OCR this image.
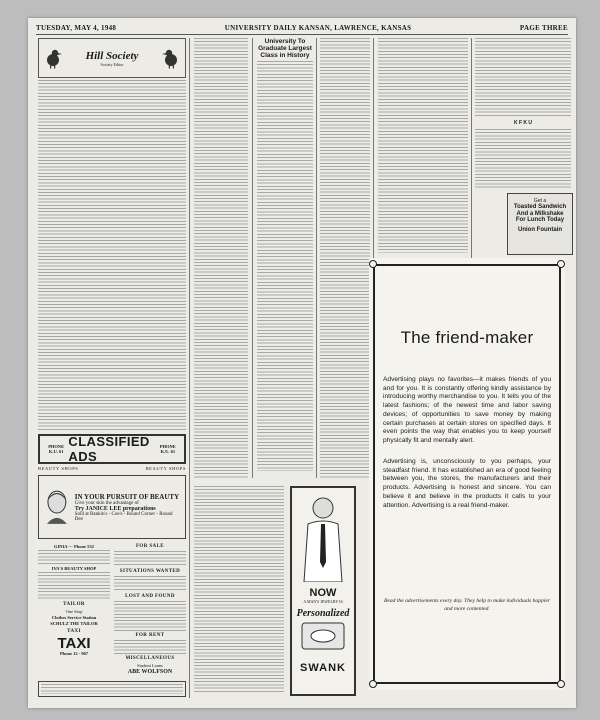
TUESDAY, MAY 4, 1948	UNIVERSITY DAILY KANSAN, LAWRENCE, KANSAS	PAGE THREE
Hill Society
Society Editor
PHONE K.U. 61
CLASSIFIED ADS
PHONE K.U. 61
BEAUTY SHOPS	BEAUTY SHOPS
IN YOUR PURSUIT OF BEAUTY
Give your skin the advantage of
Try JANICE LEE preparations
Sold at Rankin's - Coe's - Round Corner - Round Dee
GINIA --- Phone 532
IVA'S BEAUTY SHOP
TAILOR
One Stop
Clothes Service Station
SCHULZ THE TAILOR
TAXI
TAXI
Phone 12 - 967
FOR SALE
SITUATIONS WANTED
LOST AND FOUND
FOR RENT
MISCELLANEOUS
Student Loans
ABE WOLFSON
University To Graduate Largest Class in History
K F K U
Get a
Toasted Sandwich
And a Milkshake
For Lunch Today
Union Fountain
NOW
A MAN'S JEWELRY IS
Personalized
SWANK
The friend-maker
Advertising plays no favorites—it makes friends of you and for you. It is constantly offering kindly assistance by introducing worthy merchandise to you. It tells you of the latest fashions; of the newest time and labor saving devices; of opportunities to save money by making certain purchases at certain stores on specified days. It even points the way that enables you to keep yourself physically fit and mentally alert.
Advertising is, unconsciously to you perhaps, your steadfast friend. It has established an era of good feeling between you, the stores, the manufacturers and their products. Advertising is honest and sincere. You can believe it and believe in the products it calls to your attention. Advertising is a real friend-maker.
Read the advertisements every day. They help to make individuals happier and more contented.
